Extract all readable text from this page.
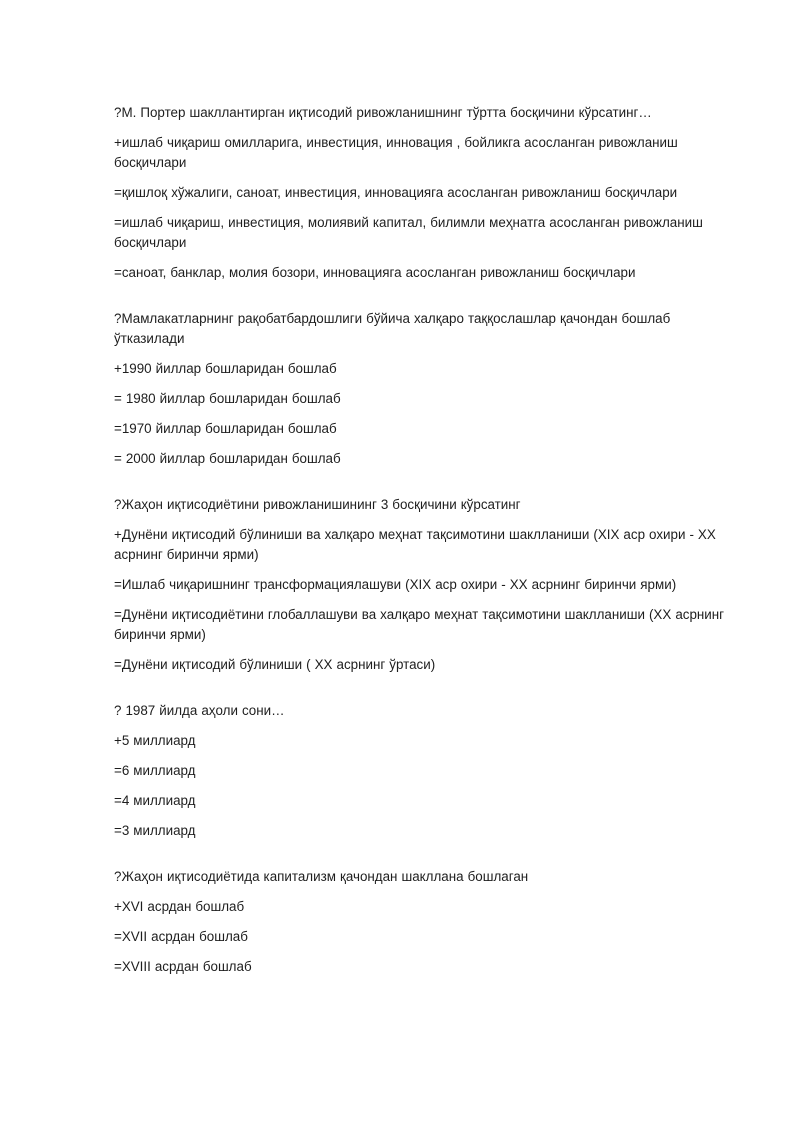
?М. Портер шакллантирган иқтисодий ривожланишнинг тўртта босқичини кўрсатинг…
+ишлаб чиқариш омилларига, инвестиция, инновация , бойликга асосланган ривожланиш босқичлари
=қишлоқ хўжалиги, саноат, инвестиция, инновацияга асосланган ривожланиш босқичлари
=ишлаб чиқариш, инвестиция, молиявий капитал, билимли меҳнатга асосланган ривожланиш босқичлари
=саноат, банклар, молия бозори, инновацияга асосланган ривожланиш босқичлари
?Мамлакатларнинг рақобатбардошлиги бўйича халқаро таққослашлар қачондан бошлаб ўтказилади
+1990 йиллар бошларидан бошлаб
= 1980 йиллар бошларидан бошлаб
=1970 йиллар бошларидан бошлаб
= 2000 йиллар бошларидан бошлаб
?Жаҳон иқтисодиётини ривожланишининг 3 босқичини кўрсатинг
+Дунёни иқтисодий бўлиниши ва халқаро меҳнат тақсимотини шаклланиши (XIX аср охири - XX асрнинг биринчи ярми)
=Ишлаб чиқаришнинг трансформациялашуви (XIX аср охири - XX асрнинг биринчи ярми)
=Дунёни иқтисодиётини глобаллашуви ва халқаро меҳнат тақсимотини шаклланиши (XX асрнинг биринчи ярми)
=Дунёни иқтисодий бўлиниши ( XX асрнинг ўртаси)
? 1987 йилда аҳоли сони…
+5 миллиард
=6 миллиард
=4 миллиард
=3 миллиард
?Жаҳон иқтисодиётида капитализм қачондан шакллана бошлаган
+XVI асрдан бошлаб
=XVII асрдан бошлаб
=XVIII асрдан бошлаб
